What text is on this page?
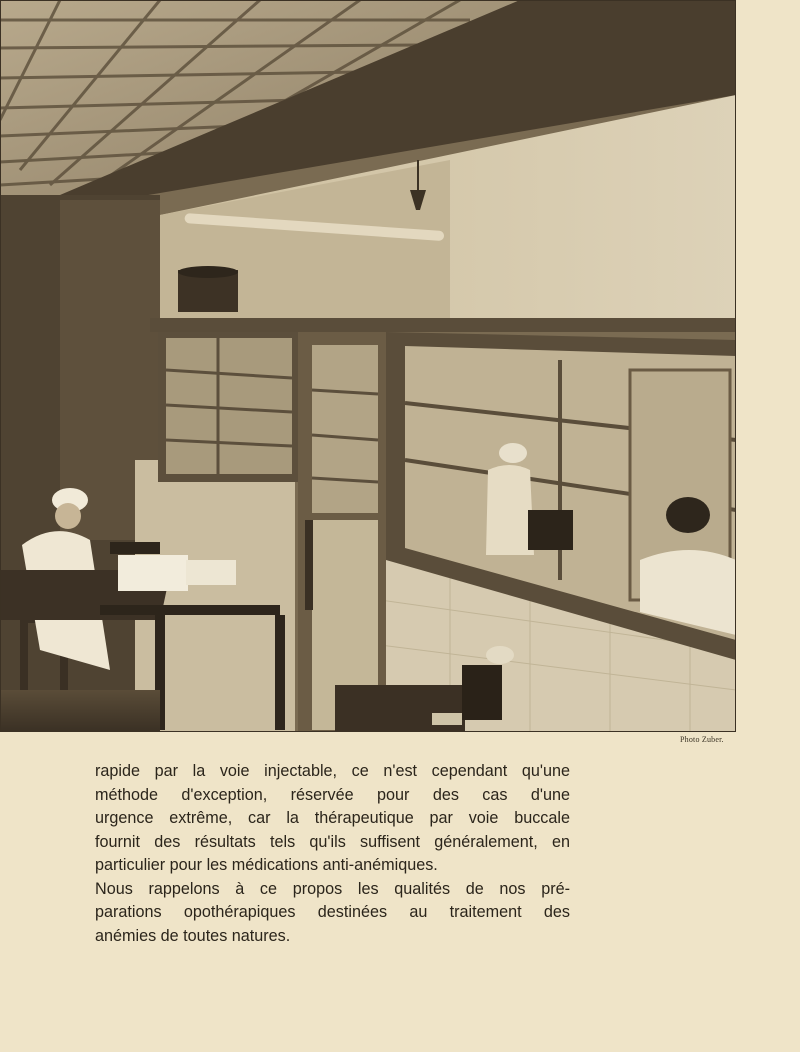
Photo Zuber.

rapide par la voie injectable, ce n'est cependant qu'une
méthode d'exception, réservée pour des cas d'une
urgence extrême, car la thérapeutique par voie buccale
fournit des résultats tels qu'ils suffisent généralement, en
particulier pour les médications anti-anémiques.

Nous rappelons à ce propos les qualités de nos pré-
parations opothérapiques destinées au traitement des
anémies de toutes natures.
